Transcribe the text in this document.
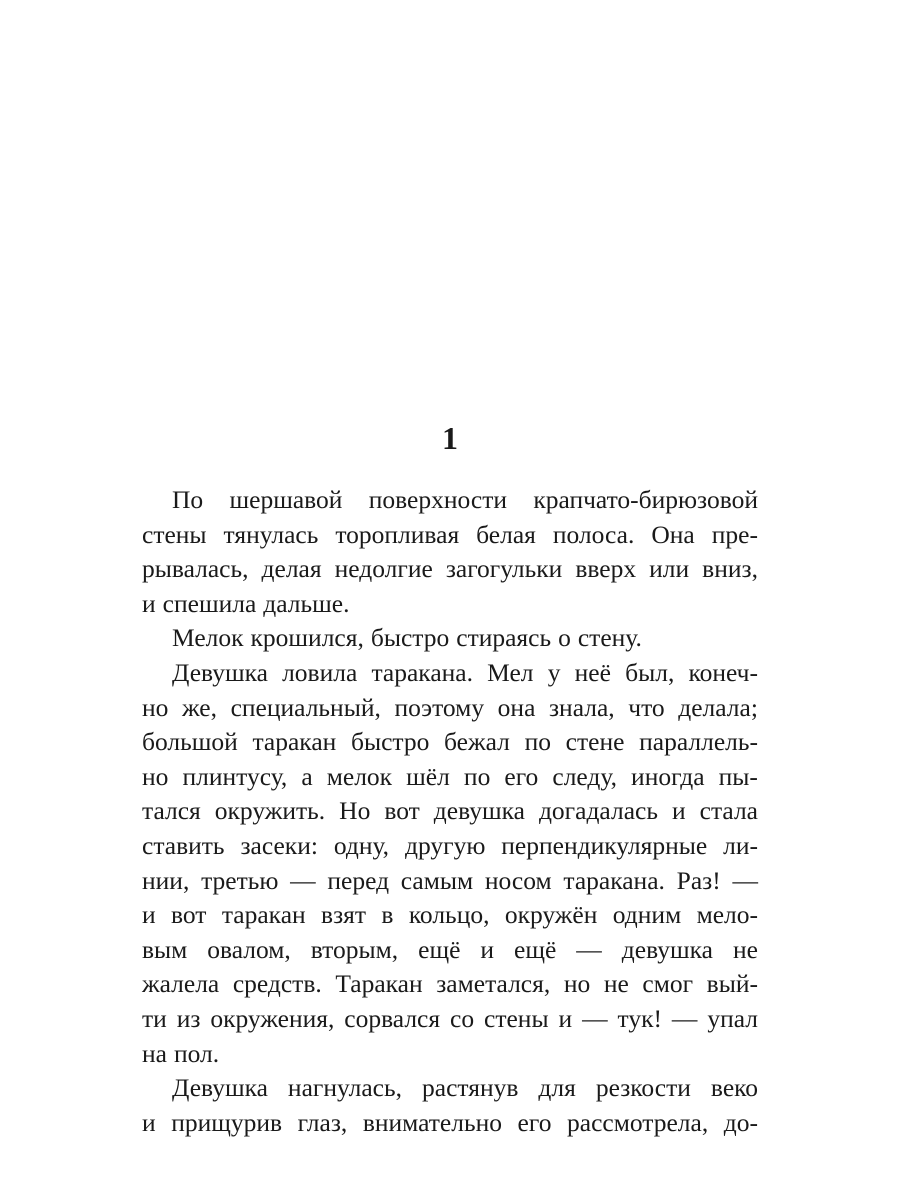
1
По шершавой поверхности крапчато-бирюзовой
стены тянулась торопливая белая полоса. Она пре-
рывалась, делая недолгие загогульки вверх или вниз,
и спешила дальше.
Мелок крошился, быстро стираясь о стену.
Девушка ловила таракана. Мел у неё был, конеч-
но же, специальный, поэтому она знала, что делала;
большой таракан быстро бежал по стене параллель-
но плинтусу, а мелок шёл по его следу, иногда пы-
тался окружить. Но вот девушка догадалась и стала
ставить засеки: одну, другую перпендикулярные ли-
нии, третью — перед самым носом таракана. Раз! —
и вот таракан взят в кольцо, окружён одним мело-
вым овалом, вторым, ещё и ещё — девушка не
жалела средств. Таракан заметался, но не смог вый-
ти из окружения, сорвался со стены и — тук! — упал
на пол.
Девушка нагнулась, растянув для резкости веко
и прищурив глаз, внимательно его рассмотрела, до-
